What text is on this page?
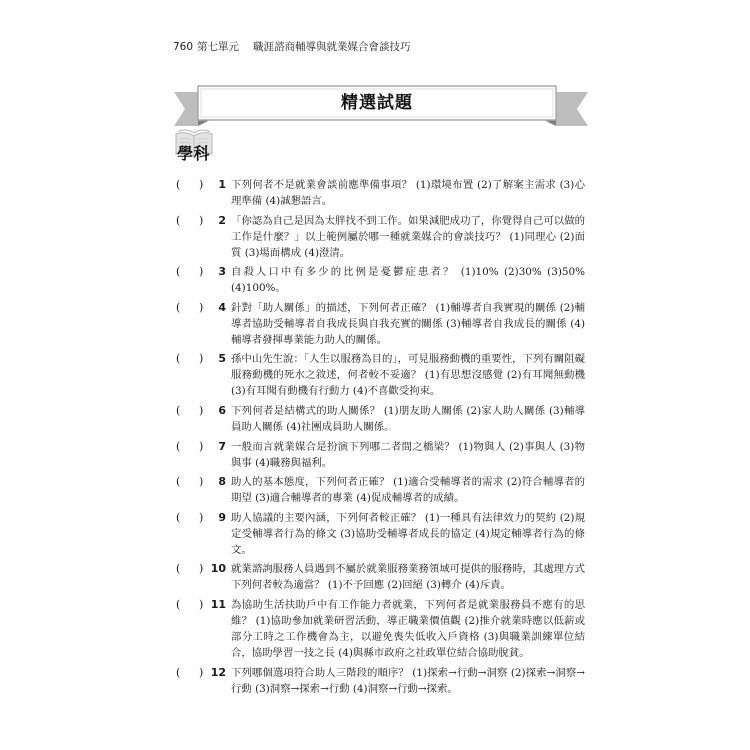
760 第七單元 職涯諮商輔導與就業媒合會談技巧
精選試題
學科
( )	1 下列何者不是就業會談前應準備事項？ (1)環境布置 (2)了解案主需求 (3)心理準備 (4)誠懇語言。
( )	2 「你認為自己是因為太胖找不到工作。如果減肥成功了，你覺得自己可以做的工作是什麼？」以上範例屬於哪一種就業媒合的會談技巧？ (1)同理心 (2)面質 (3)場面構成 (4)澄清。
( )	3 自殺人口中有多少的比例是憂鬱症患者？ (1)10% (2)30% (3)50% (4)100%。
( )	4 針對「助人關係」的描述，下列何者正確？ (1)輔導者自我實現的關係 (2)輔導者協助受輔導者自我成長與自我充實的關係 (3)輔導者自我成長的關係 (4)輔導者發揮專業能力助人的關係。
( )	5 孫中山先生說：「人生以服務為目的」，可見服務動機的重要性，下列有關阻礙服務動機的死水之敘述，何者較不妥適？ (1)有思想沒感覺 (2)有耳聞無動機 (3)有耳聞有動機有行動力 (4)不喜歡受拘束。
( )	6 下列何者是結構式的助人關係？ (1)朋友助人關係 (2)家人助人關係 (3)輔導員助人關係 (4)社團成員助人關係。
( )	7 一般而言就業媒合是扮演下列哪二者間之橋梁？ (1)物與人 (2)事與人 (3)物與事 (4)職務與福利。
( )	8 助人的基本態度，下列何者正確？ (1)適合受輔導者的需求 (2)符合輔導者的期望 (3)適合輔導者的專業 (4)促成輔導者的成績。
( )	9 助人協議的主要內涵，下列何者較正確？ (1)一種具有法律效力的契約 (2)規定受輔導者行為的條文 (3)協助受輔導者成長的協定 (4)規定輔導者行為的條文。
( ) 10 就業諮詢服務人員遇到不屬於就業服務業務領域可提供的服務時，其處理方式下列何者較為適當？ (1)不予回應 (2)回絕 (3)轉介 (4)斥責。
( ) 11 為協助生活扶助戶中有工作能力者就業，下列何者是就業服務員不應有的思維？ (1)協助參加就業研習活動，導正職業價值觀 (2)推介就業時應以低薪或部分工時之工作機會為主，以避免喪失低收入戶資格 (3)與職業訓練單位結合，協助學習一技之長 (4)與縣市政府之社政單位結合協助脫貧。
( ) 12 下列哪個選項符合助人三階段的順序？ (1)探索→行動→洞察 (2)探索→洞察→行動 (3)洞察→探索→行動 (4)洞察→行動→探索。
